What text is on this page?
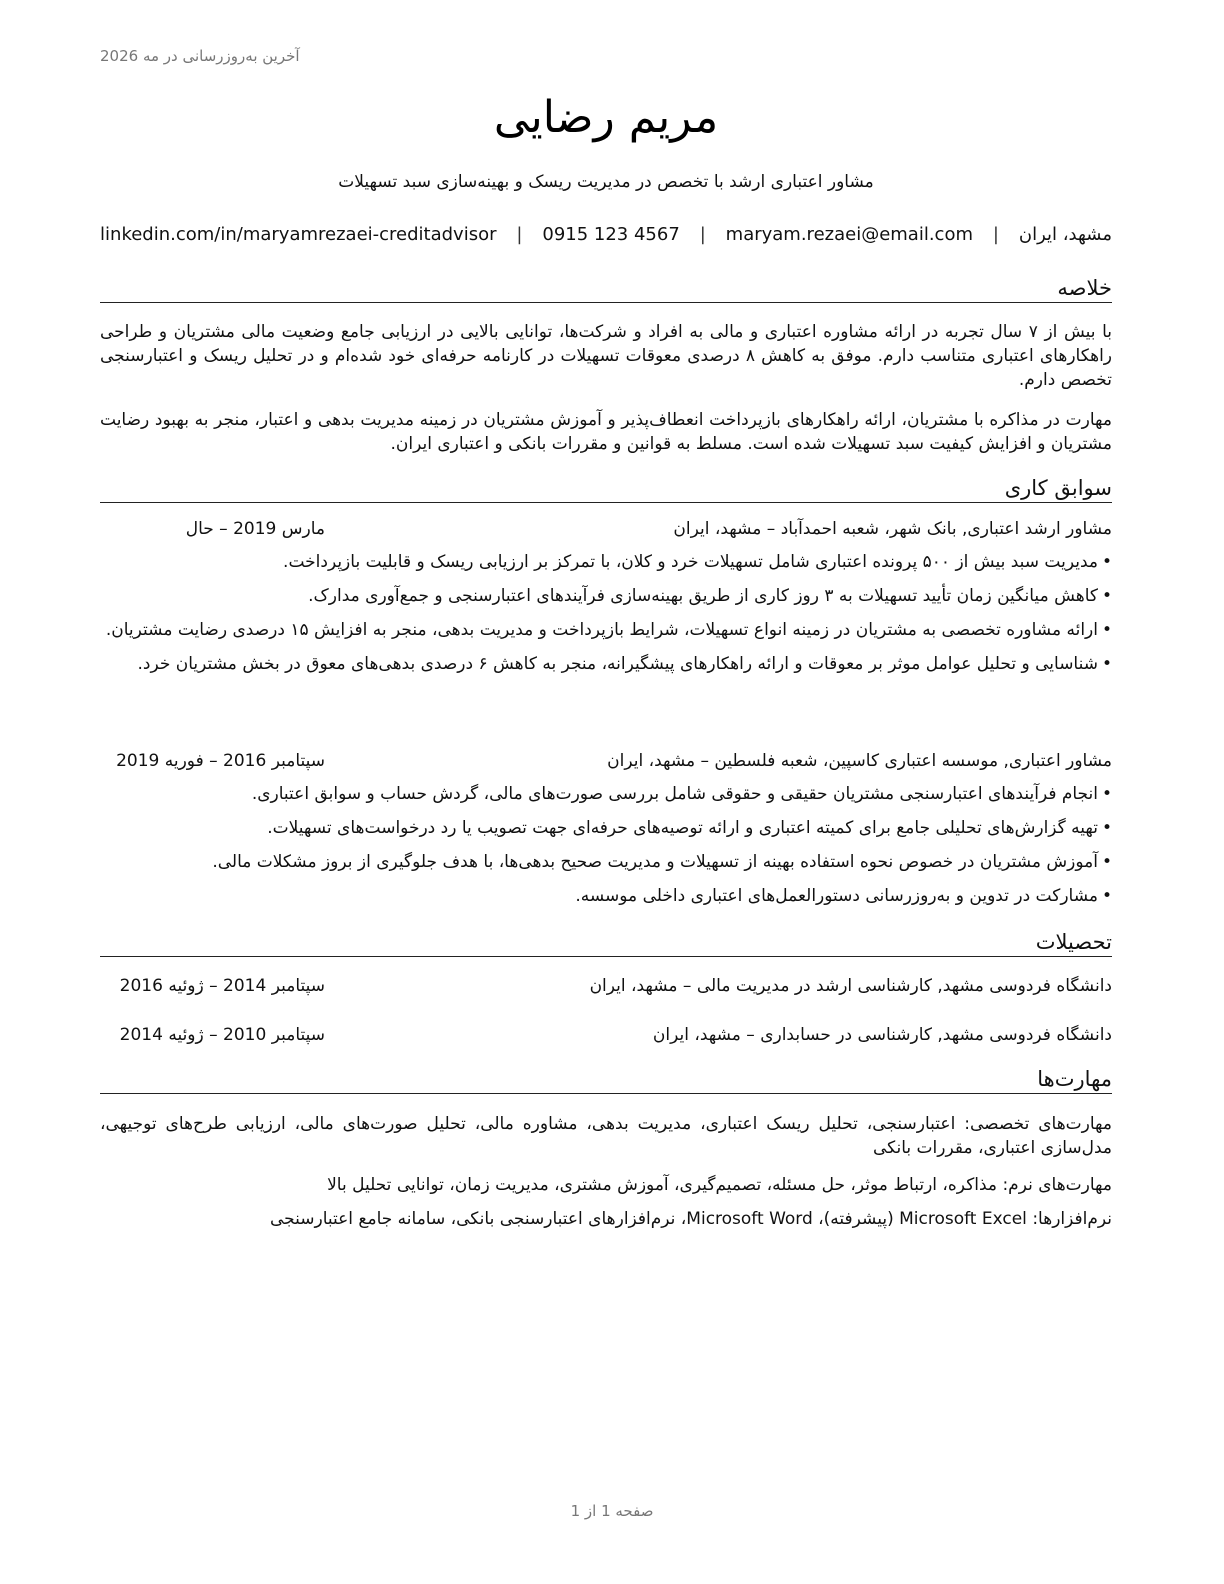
آخرین به‌روزرسانی در مه 2026
مریم رضایی
مشاور اعتباری ارشد با تخصص در مدیریت ریسک و بهینه‌سازی سبد تسهیلات
مشهد، ایران
|
maryam.rezaei@email.com
|
0915 123 4567
|
linkedin.com/in/maryamrezaei-creditadvisor
خلاصه

با بیش از ۷ سال تجربه در ارائه مشاوره اعتباری و مالی به افراد و شرکت‌ها، توانایی بالایی در ارزیابی جامع وضعیت مالی مشتریان و طراحی راهکارهای اعتباری متناسب دارم. موفق به کاهش ۸ درصدی معوقات تسهیلات در کارنامه حرفه‌ای خود شده‌ام و در تحلیل ریسک و اعتبارسنجی تخصص دارم.

مهارت در مذاکره با مشتریان، ارائه راهکارهای بازپرداخت انعطاف‌پذیر و آموزش مشتریان در زمینه مدیریت بدهی و اعتبار، منجر به بهبود رضایت مشتریان و افزایش کیفیت سبد تسهیلات شده است. مسلط به قوانین و مقررات بانکی و اعتباری ایران.

سوابق کاری
مشاور ارشد اعتباری, بانک شهر، شعبه احمدآباد – مشهد، ایران
مارس 2019 – حال
• مدیریت سبد بیش از ۵۰۰ پرونده اعتباری شامل تسهیلات خرد و کلان، با تمرکز بر ارزیابی ریسک و قابلیت بازپرداخت.
• کاهش میانگین زمان تأیید تسهیلات به ۳ روز کاری از طریق بهینه‌سازی فرآیندهای اعتبارسنجی و جمع‌آوری مدارک.
• ارائه مشاوره تخصصی به مشتریان در زمینه انواع تسهیلات، شرایط بازپرداخت و مدیریت بدهی، منجر به افزایش ۱۵ درصدی رضایت مشتریان.
• شناسایی و تحلیل عوامل موثر بر معوقات و ارائه راهکارهای پیشگیرانه، منجر به کاهش ۶ درصدی بدهی‌های معوق در بخش مشتریان خرد.
مشاور اعتباری, موسسه اعتباری کاسپین، شعبه فلسطین – مشهد، ایران
سپتامبر 2016 – فوریه 2019
• انجام فرآیندهای اعتبارسنجی مشتریان حقیقی و حقوقی شامل بررسی صورت‌های مالی، گردش حساب و سوابق اعتباری.
• تهیه گزارش‌های تحلیلی جامع برای کمیته اعتباری و ارائه توصیه‌های حرفه‌ای جهت تصویب یا رد درخواست‌های تسهیلات.
• آموزش مشتریان در خصوص نحوه استفاده بهینه از تسهیلات و مدیریت صحیح بدهی‌ها، با هدف جلوگیری از بروز مشکلات مالی.
• مشارکت در تدوین و به‌روزرسانی دستورالعمل‌های اعتباری داخلی موسسه.
تحصیلات
دانشگاه فردوسی مشهد, کارشناسی ارشد در مدیریت مالی – مشهد، ایران
سپتامبر 2014 – ژوئیه 2016
دانشگاه فردوسی مشهد, کارشناسی در حسابداری – مشهد، ایران
سپتامبر 2010 – ژوئیه 2014
مهارت‌ها

مهارت‌های تخصصی: اعتبارسنجی، تحلیل ریسک اعتباری، مدیریت بدهی، مشاوره مالی، تحلیل صورت‌های مالی، ارزیابی طرح‌های توجیهی، مدل‌سازی اعتباری، مقررات بانکی

مهارت‌های نرم: مذاکره، ارتباط موثر، حل مسئله، تصمیم‌گیری، آموزش مشتری، مدیریت زمان، توانایی تحلیل بالا

نرم‌افزارها: Microsoft Excel (پیشرفته)، Microsoft Word، نرم‌افزارهای اعتبارسنجی بانکی، سامانه جامع اعتبارسنجی

صفحه 1 از 1
